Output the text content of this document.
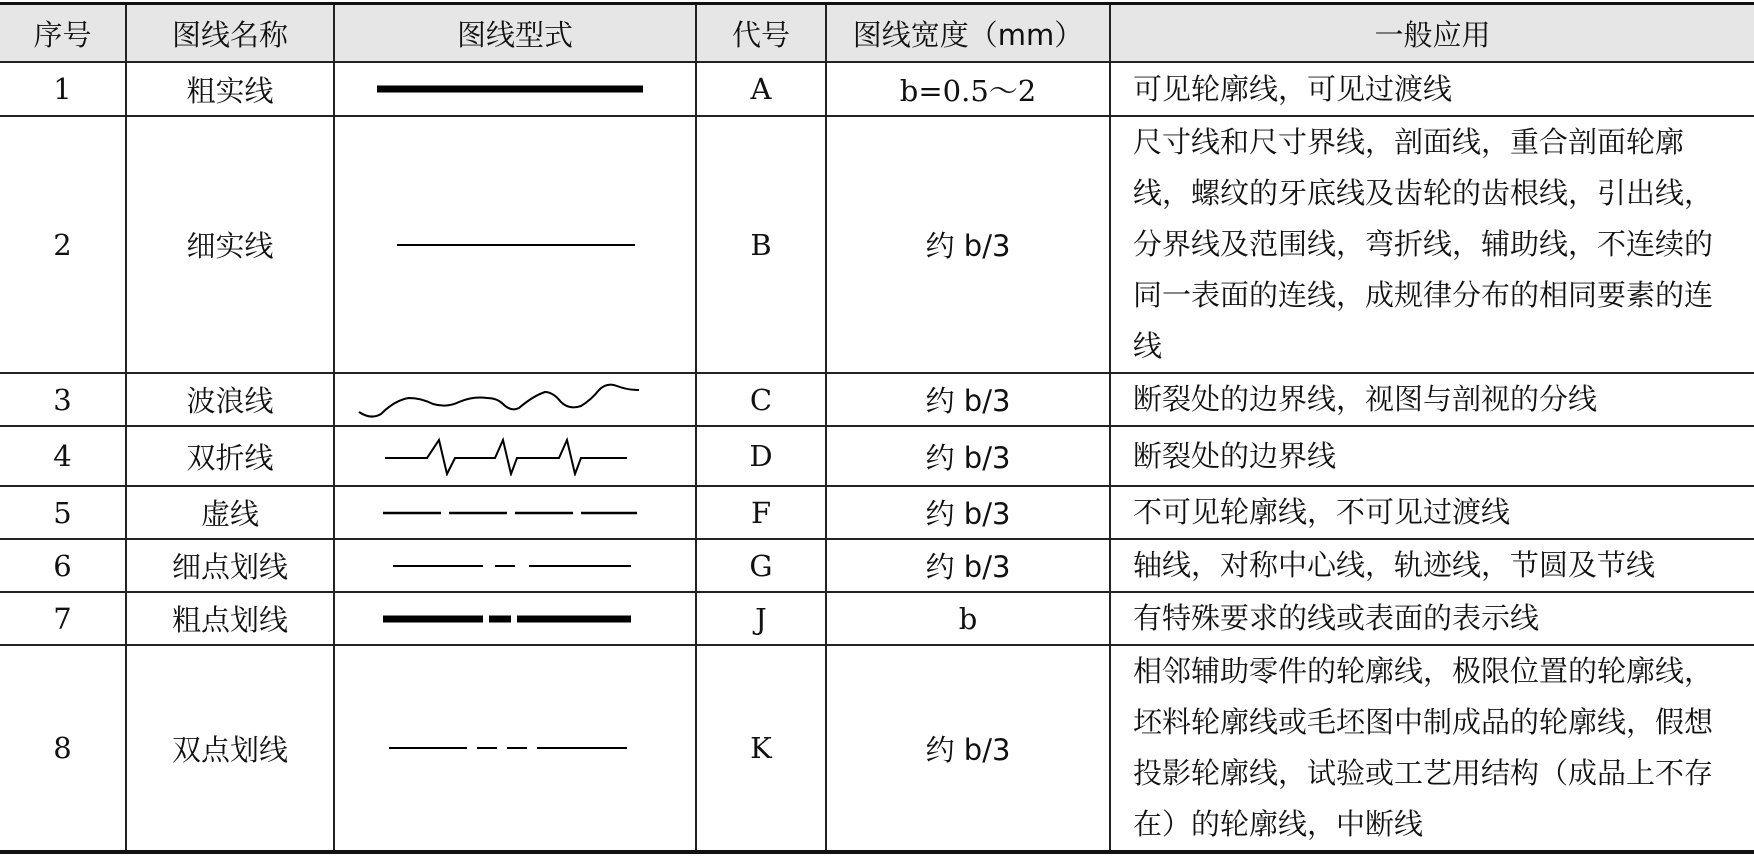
序号	图线名称	图线型式	代号	图线宽度（mm）	一般应用
1	粗实线		A	b=0.5～2	可见轮廓线，可见过渡线
2	细实线		B	约 b/3	尺寸线和尺寸界线，剖面线，重合剖面轮廓线，螺纹的牙底线及齿轮的齿根线，引出线，分界线及范围线，弯折线，辅助线，不连续的同一表面的连线，成规律分布的相同要素的连线
3	波浪线		C	约 b/3	断裂处的边界线，视图与剖视的分线
4	双折线		D	约 b/3	断裂处的边界线
5	虚线		F	约 b/3	不可见轮廓线，不可见过渡线
6	细点划线		G	约 b/3	轴线，对称中心线，轨迹线，节圆及节线
7	粗点划线		J	b	有特殊要求的线或表面的表示线
8	双点划线		K	约 b/3	相邻辅助零件的轮廓线，极限位置的轮廓线，坯料轮廓线或毛坯图中制成品的轮廓线，假想投影轮廓线，试验或工艺用结构（成品上不存在）的轮廓线，中断线
